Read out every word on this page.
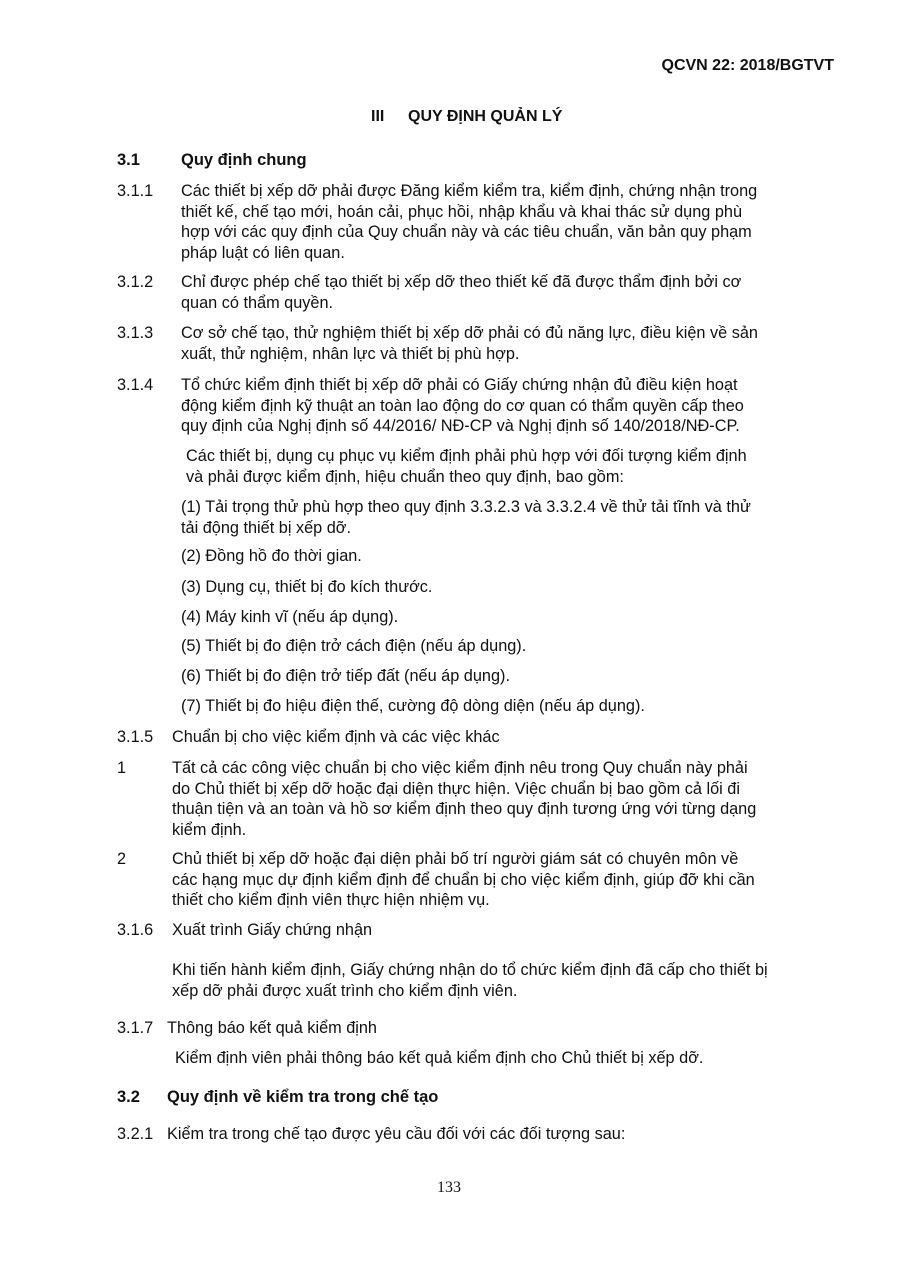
QCVN 22: 2018/BGTVT
III QUY ĐỊNH QUẢN LÝ
3.1 Quy định chung
3.1.1 Các thiết bị xếp dỡ phải được Đăng kiểm kiểm tra, kiểm định, chứng nhận trong

thiết kế, chế tạo mới, hoán cải, phục hồi, nhập khẩu và khai thác sử dụng phù

hợp với các quy định của Quy chuẩn này và các tiêu chuẩn, văn bản quy phạm

pháp luật có liên quan.

3.1.2 Chỉ được phép chế tạo thiết bị xếp dỡ theo thiết kế đã được thẩm định bởi cơ

quan có thẩm quyền.

3.1.3 Cơ sở chế tạo, thử nghiệm thiết bị xếp dỡ phải có đủ năng lực, điều kiện về sản

xuất, thử nghiệm, nhân lực và thiết bị phù hợp.

3.1.4 Tổ chức kiểm định thiết bị xếp dỡ phải có Giấy chứng nhận đủ điều kiện hoạt

động kiểm định kỹ thuật an toàn lao động do cơ quan có thẩm quyền cấp theo

quy định của Nghị định số 44/2016/ NĐ-CP và Nghị định số 140/2018/NĐ-CP.

Các thiết bị, dụng cụ phục vụ kiểm định phải phù hợp với đối tượng kiểm định

và phải được kiểm định, hiệu chuẩn theo quy định, bao gồm:

(1) Tải trọng thử phù hợp theo quy định 3.3.2.3 và 3.3.2.4 về thử tải tĩnh và thử

tải động thiết bị xếp dỡ.

(2) Đồng hồ đo thời gian.
(3) Dụng cụ, thiết bị đo kích thước.
(4) Máy kinh vĩ (nếu áp dụng).
(5) Thiết bị đo điện trở cách điện (nếu áp dụng).
(6) Thiết bị đo điện trở tiếp đất (nếu áp dụng).
(7) Thiết bị đo hiệu điện thế, cường độ dòng diện (nếu áp dụng).
3.1.5 Chuẩn bị cho việc kiểm định và các việc khác
1	Tất cả các công việc chuẩn bị cho việc kiểm định nêu trong Quy chuẩn này phải

do Chủ thiết bị xếp dỡ hoặc đại diện thực hiện. Việc chuẩn bị bao gồm cả lối đi

thuận tiện và an toàn và hồ sơ kiểm định theo quy định tương ứng với từng dạng

kiểm định.

2	Chủ thiết bị xếp dỡ hoặc đại diện phải bố trí người giám sát có chuyên môn về

các hạng mục dự định kiểm định để chuẩn bị cho việc kiểm định, giúp đỡ khi cần

thiết cho kiểm định viên thực hiện nhiệm vụ.

3.1.6 Xuất trình Giấy chứng nhận

Khi tiến hành kiểm định, Giấy chứng nhận do tổ chức kiểm định đã cấp cho thiết bị

xếp dỡ phải được xuất trình cho kiểm định viên.

3.1.7 Thông báo kết quả kiểm định
Kiểm định viên phải thông báo kết quả kiểm định cho Chủ thiết bị xếp dỡ.
3.2 Quy định về kiểm tra trong chế tạo
3.2.1 Kiểm tra trong chế tạo được yêu cầu đối với các đối tượng sau:
133
